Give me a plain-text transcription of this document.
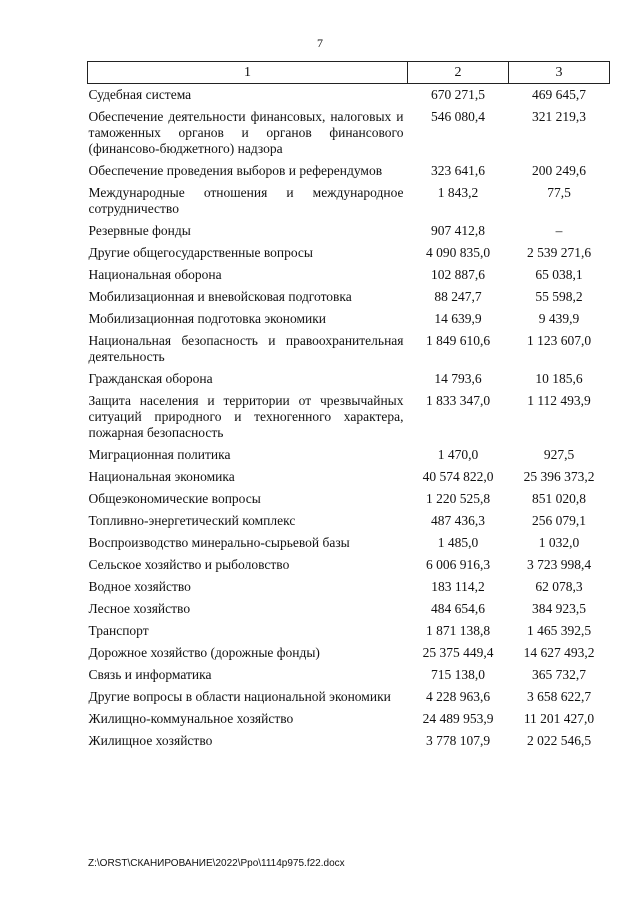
7
1	2	3
Судебная система	670 271,5	469 645,7
Обеспечение деятельности финансовых, налоговых и таможенных органов и органов финансового (финансово-бюджетного) надзора	546 080,4	321 219,3
Обеспечение проведения выборов и референдумов	323 641,6	200 249,6
Международные отношения и международное сотрудничество	1 843,2	77,5
Резервные фонды	907 412,8	–
Другие общегосударственные вопросы	4 090 835,0	2 539 271,6
Национальная оборона	102 887,6	65 038,1
Мобилизационная и вневойсковая подготовка	88 247,7	55 598,2
Мобилизационная подготовка экономики	14 639,9	9 439,9
Национальная безопасность и правоохранительная деятельность	1 849 610,6	1 123 607,0
Гражданская оборона	14 793,6	10 185,6
Защита населения и территории от чрезвычайных ситуаций природного и техногенного характера, пожарная безопасность	1 833 347,0	1 112 493,9
Миграционная политика	1 470,0	927,5
Национальная экономика	40 574 822,0	25 396 373,2
Общеэкономические вопросы	1 220 525,8	851 020,8
Топливно-энергетический комплекс	487 436,3	256 079,1
Воспроизводство минерально-сырьевой базы	1 485,0	1 032,0
Сельское хозяйство и рыболовство	6 006 916,3	3 723 998,4
Водное хозяйство	183 114,2	62 078,3
Лесное хозяйство	484 654,6	384 923,5
Транспорт	1 871 138,8	1 465 392,5
Дорожное хозяйство (дорожные фонды)	25 375 449,4	14 627 493,2
Связь и информатика	715 138,0	365 732,7
Другие вопросы в области национальной экономики	4 228 963,6	3 658 622,7
Жилищно-коммунальное хозяйство	24 489 953,9	11 201 427,0
Жилищное хозяйство	3 778 107,9	2 022 546,5
Z:\ORST\СКАНИРОВАНИЕ\2022\Ppo\1114p975.f22.docx
